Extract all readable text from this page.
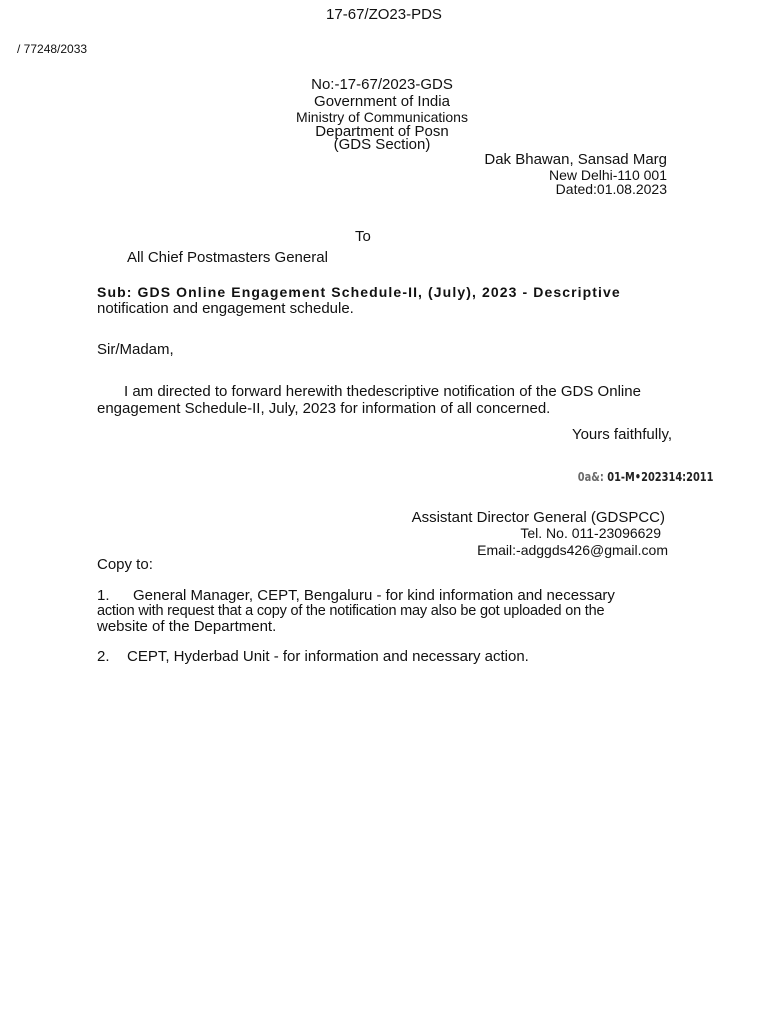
17-67/ZO23-PDS
/ 77248/2033
No:-17-67/2023-GDS
Government of India
Ministry of Communications
Department of Posn
(GDS Section)
Dak Bhawan, Sansad Marg
New Delhi-110 001
Dated:01.08.2023
To
All Chief Postmasters General
Sub: GDS Online Engagement Schedule-II, (July), 2023 - Descriptive
notification and engagement schedule.
Sir/Madam,
I am directed to forward herewith thedescriptive notification of the GDS Online
engagement Schedule-II, July, 2023 for information of all concerned.
Yours faithfully,
0a&: 01-M•202314:2011
Assistant Director General (GDSPCC)
Tel. No. 011-23096629
Email:-adggds426@gmail.com
Copy to:
1. General Manager, CEPT, Bengaluru - for kind information and necessary
action with request that a copy of the notification may also be got uploaded on the
website of the Department.
2. CEPT, Hyderbad Unit - for information and necessary action.
